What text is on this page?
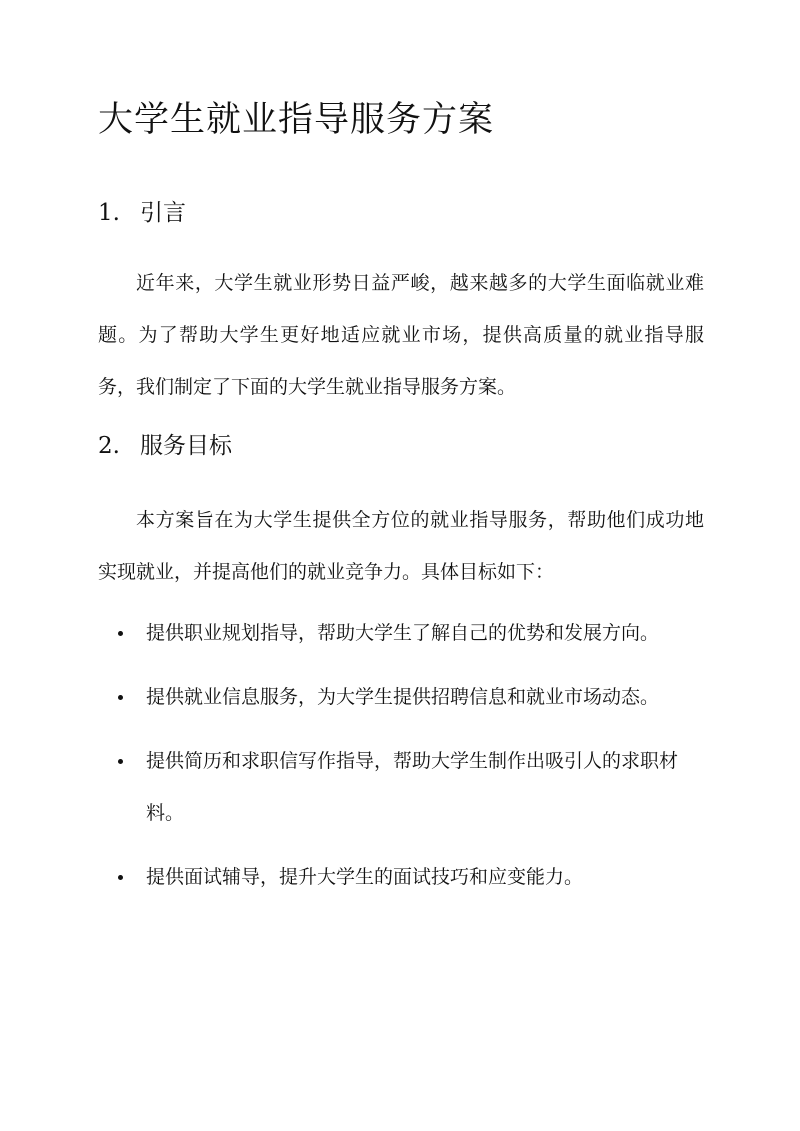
大学生就业指导服务方案
1. 引言

近年来，大学生就业形势日益严峻，越来越多的大学生面临就业难题。为了帮助大学生更好地适应就业市场，提供高质量的就业指导服务，我们制定了下面的大学生就业指导服务方案。

2. 服务目标

本方案旨在为大学生提供全方位的就业指导服务，帮助他们成功地实现就业，并提高他们的就业竞争力。具体目标如下：

提供职业规划指导，帮助大学生了解自己的优势和发展方向。
提供就业信息服务，为大学生提供招聘信息和就业市场动态。
提供简历和求职信写作指导，帮助大学生制作出吸引人的求职材料。
提供面试辅导，提升大学生的面试技巧和应变能力。
